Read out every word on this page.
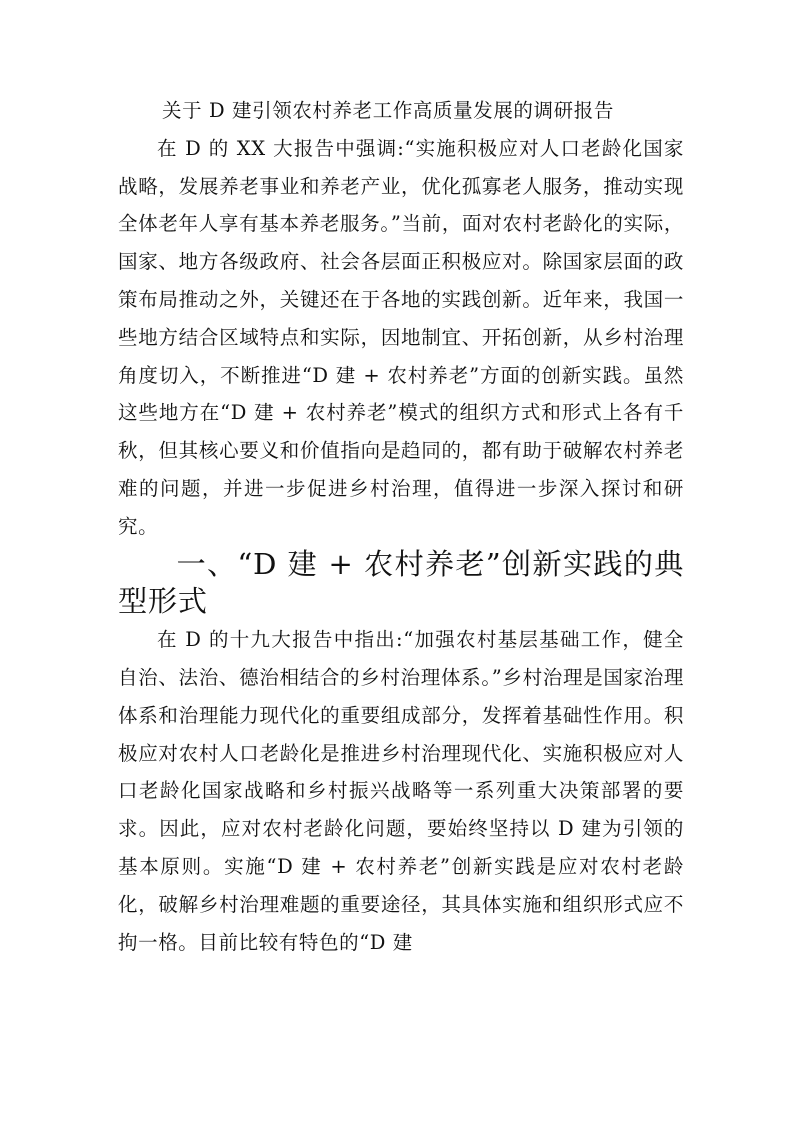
关于 D 建引领农村养老工作高质量发展的调研报告

在 D 的 XX 大报告中强调:“实施积极应对人口老龄化国家战略，发展养老事业和养老产业，优化孤寡老人服务，推动实现全体老年人享有基本养老服务。”当前，面对农村老龄化的实际，国家、地方各级政府、社会各层面正积极应对。除国家层面的政策布局推动之外，关键还在于各地的实践创新。近年来，我国一些地方结合区域特点和实际，因地制宜、开拓创新，从乡村治理角度切入，不断推进“D 建 + 农村养老”方面的创新实践。虽然这些地方在“D 建 + 农村养老”模式的组织方式和形式上各有千秋，但其核心要义和价值指向是趋同的，都有助于破解农村养老难的问题，并进一步促进乡村治理，值得进一步深入探讨和研究。

一、“D 建 + 农村养老”创新实践的典型形式

在 D 的十九大报告中指出:“加强农村基层基础工作，健全自治、法治、德治相结合的乡村治理体系。”乡村治理是国家治理体系和治理能力现代化的重要组成部分，发挥着基础性作用。积极应对农村人口老龄化是推进乡村治理现代化、实施积极应对人口老龄化国家战略和乡村振兴战略等一系列重大决策部署的要求。因此，应对农村老龄化问题，要始终坚持以 D 建为引领的基本原则。实施“D 建 + 农村养老”创新实践是应对农村老龄化，破解乡村治理难题的重要途径，其具体实施和组织形式应不拘一格。目前比较有特色的“D 建
